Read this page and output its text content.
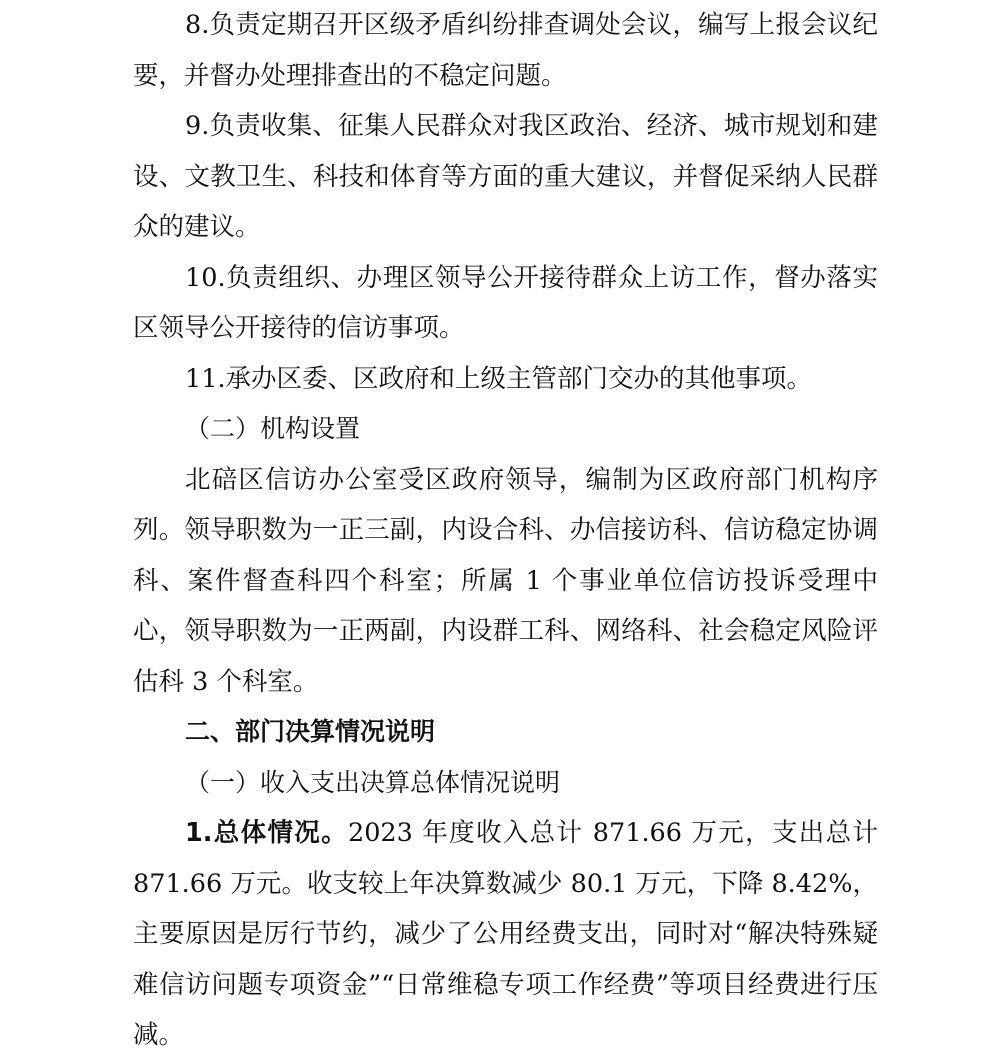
8.负责定期召开区级矛盾纠纷排查调处会议，编写上报会议纪要，并督办处理排查出的不稳定问题。

9.负责收集、征集人民群众对我区政治、经济、城市规划和建设、文教卫生、科技和体育等方面的重大建议，并督促采纳人民群众的建议。

10.负责组织、办理区领导公开接待群众上访工作，督办落实区领导公开接待的信访事项。

11.承办区委、区政府和上级主管部门交办的其他事项。

（二）机构设置

北碚区信访办公室受区政府领导，编制为区政府部门机构序列。领导职数为一正三副，内设合科、办信接访科、信访稳定协调科、案件督查科四个科室；所属 1 个事业单位信访投诉受理中心，领导职数为一正两副，内设群工科、网络科、社会稳定风险评估科 3 个科室。

二、部门决算情况说明

（一）收入支出决算总体情况说明

1.总体情况。2023 年度收入总计 871.66 万元，支出总计 871.66 万元。收支较上年决算数减少 80.1 万元，下降 8.42%，主要原因是厉行节约，减少了公用经费支出，同时对“解决特殊疑难信访问题专项资金”“日常维稳专项工作经费”等项目经费进行压减。
